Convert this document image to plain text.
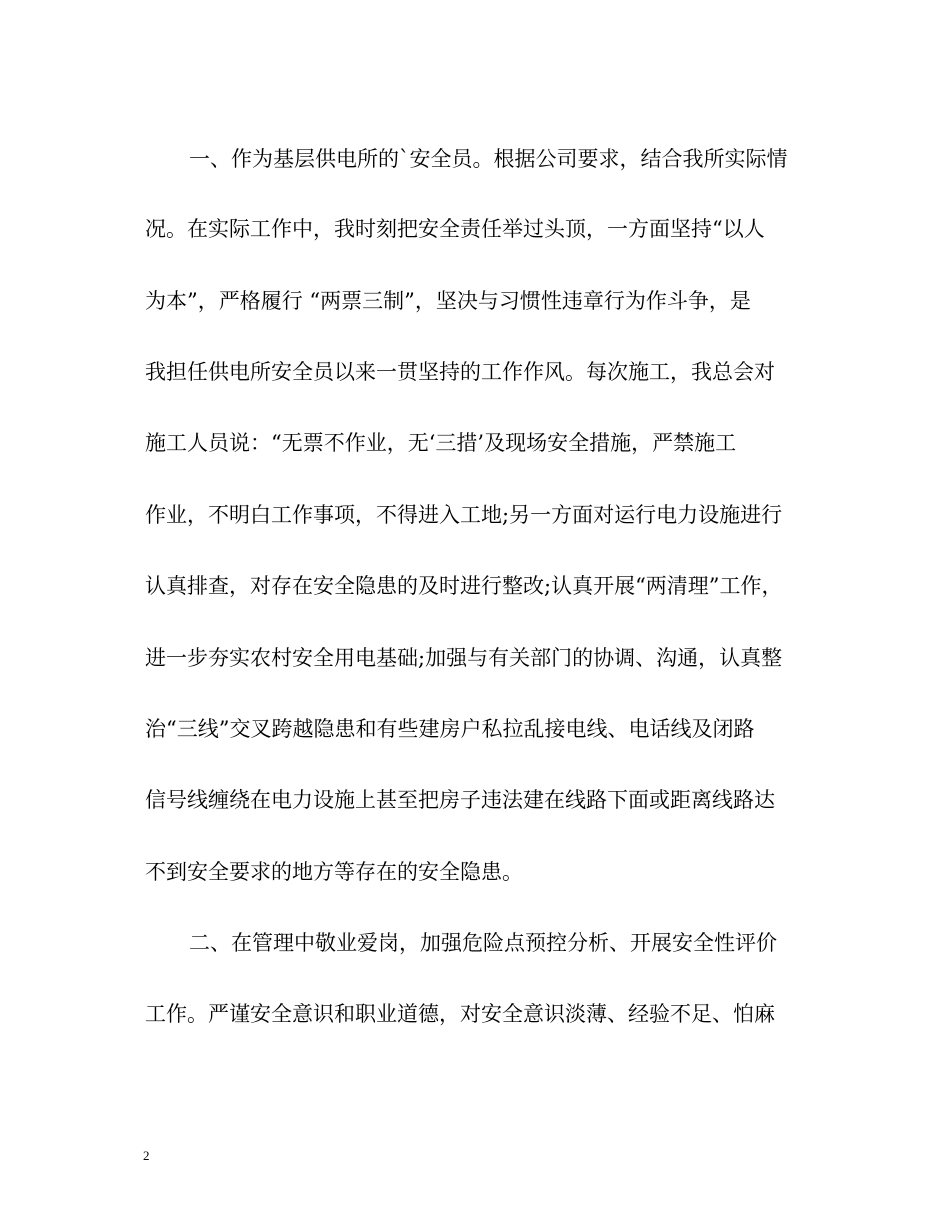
一、作为基层供电所的`安全员。根据公司要求，结合我所实际情

况。在实际工作中，我时刻把安全责任举过头顶，一方面坚持“以人

为本”，严格履行 “两票三制”，坚决与习惯性违章行为作斗争，是

我担任供电所安全员以来一贯坚持的工作作风。每次施工，我总会对

施工人员说：“无票不作业，无‘三措’及现场安全措施，严禁施工

作业，不明白工作事项，不得进入工地;另一方面对运行电力设施进行

认真排查，对存在安全隐患的及时进行整改;认真开展“两清理”工作，

进一步夯实农村安全用电基础;加强与有关部门的协调、沟通，认真整

治“三线”交叉跨越隐患和有些建房户私拉乱接电线、电话线及闭路

信号线缠绕在电力设施上甚至把房子违法建在线路下面或距离线路达

不到安全要求的地方等存在的安全隐患。

二、在管理中敬业爱岗，加强危险点预控分析、开展安全性评价

工作。严谨安全意识和职业道德，对安全意识淡薄、经验不足、怕麻

2
